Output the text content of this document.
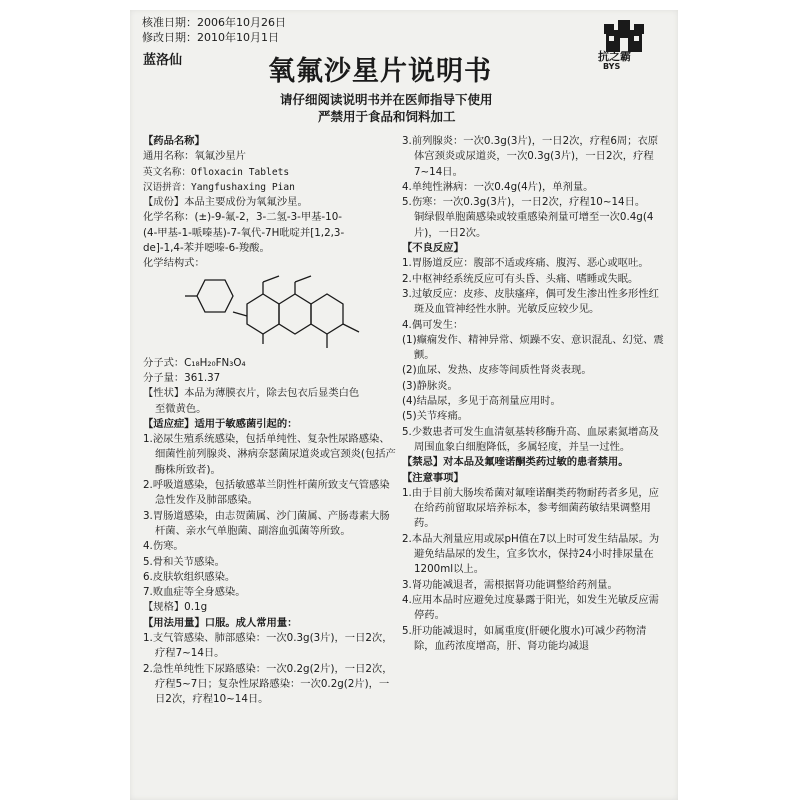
核准日期：2006年10月26日
修改日期：2010年10月1日
蓝洛仙	氧氟沙星片说明书
请仔细阅读说明书并在医师指导下使用
严禁用于食品和饲料加工
抗之霸
BYS
【药品名称】
通用名称：氧氟沙星片
英文名称：Ofloxacin Tablets
汉语拼音：Yangfushaxing Pian
【成份】本品主要成份为氧氟沙星。
化学名称：(±)-9-氟-2，3-二氢-3-甲基-10-
(4-甲基-1-哌嗪基)-7-氧代-7H吡啶并[1,2,3-
de]-1,4-苯并噁嗪-6-羧酸。
化学结构式：
分子式：C₁₈H₂₀FN₃O₄
分子量：361.37
【性状】本品为薄膜衣片，除去包衣后显类白色
至微黄色。
【适应症】适用于敏感菌引起的：
1.泌尿生殖系统感染，包括单纯性、复杂性尿路感染、细菌性前列腺炎、淋病奈瑟菌尿道炎或宫颈炎(包括产酶株所致者)。
2.呼吸道感染，包括敏感革兰阴性杆菌所致支气管感染急性发作及肺部感染。
3.胃肠道感染，由志贺菌属、沙门菌属、产肠毒素大肠杆菌、亲水气单胞菌、副溶血弧菌等所致。
4.伤寒。
5.骨和关节感染。
6.皮肤软组织感染。
7.败血症等全身感染。
【规格】0.1g
【用法用量】口服。成人常用量：
1.支气管感染、肺部感染：一次0.3g(3片)，一日2次，疗程7~14日。
2.急性单纯性下尿路感染：一次0.2g(2片)，一日2次，疗程5~7日；复杂性尿路感染：一次0.2g(2片)，一日2次，疗程10~14日。
3.前列腺炎：一次0.3g(3片)，一日2次，疗程6周；衣原体宫颈炎或尿道炎，一次0.3g(3片)，一日2次，疗程7~14日。
4.单纯性淋病：一次0.4g(4片)，单剂量。
5.伤寒：一次0.3g(3片)，一日2次，疗程10~14日。
铜绿假单胞菌感染或较重感染剂量可增至一次0.4g(4片)，一日2次。
【不良反应】
1.胃肠道反应：腹部不适或疼痛、腹泻、恶心或呕吐。
2.中枢神经系统反应可有头昏、头痛、嗜睡或失眠。
3.过敏反应：皮疹、皮肤瘙痒，偶可发生渗出性多形性红斑及血管神经性水肿。光敏反应较少见。
4.偶可发生：
(1)癫痫发作、精神异常、烦躁不安、意识混乱、幻觉、震颤。
(2)血尿、发热、皮疹等间质性肾炎表现。
(3)静脉炎。
(4)结晶尿，多见于高剂量应用时。
(5)关节疼痛。
5.少数患者可发生血清氨基转移酶升高、血尿素氮增高及周围血象白细胞降低，多属轻度，并呈一过性。
【禁忌】对本品及氟喹诺酮类药过敏的患者禁用。
【注意事项】
1.由于目前大肠埃希菌对氟喹诺酮类药物耐药者多见，应在给药前留取尿培养标本，参考细菌药敏结果调整用药。
2.本品大剂量应用或尿pH值在7以上时可发生结晶尿。为避免结晶尿的发生，宜多饮水，保持24小时排尿量在1200ml以上。
3.肾功能减退者，需根据肾功能调整给药剂量。
4.应用本品时应避免过度暴露于阳光，如发生光敏反应需停药。
5.肝功能减退时，如属重度(肝硬化腹水)可减少药物清除，血药浓度增高，肝、肾功能均减退
